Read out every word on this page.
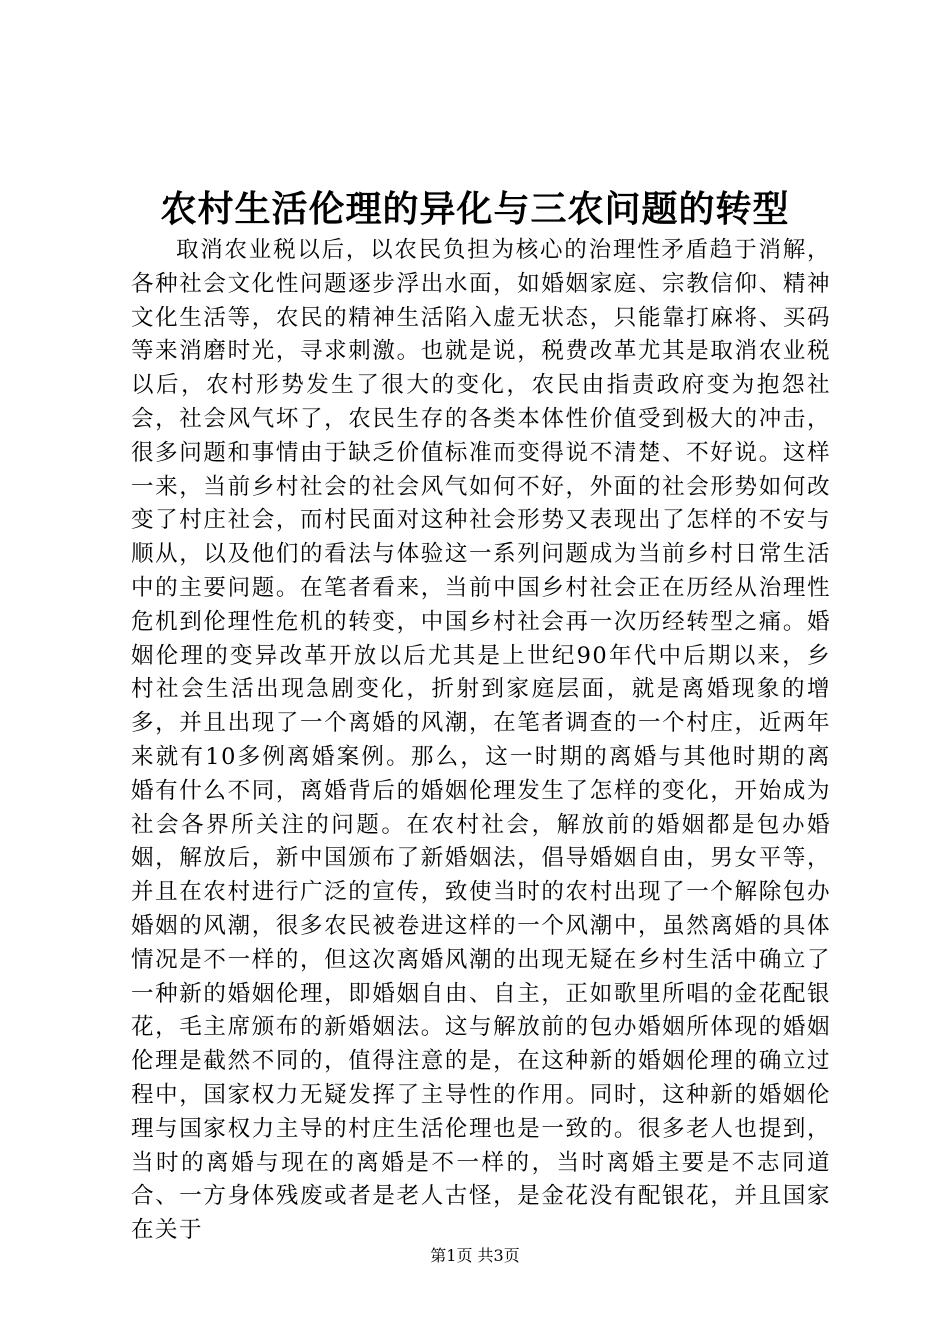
农村生活伦理的异化与三农问题的转型

取消农业税以后，以农民负担为核心的治理性矛盾趋于消解，各种社会文化性问题逐步浮出水面，如婚姻家庭、宗教信仰、精神文化生活等，农民的精神生活陷入虚无状态，只能靠打麻将、买码等来消磨时光，寻求刺激。也就是说，税费改革尤其是取消农业税以后，农村形势发生了很大的变化，农民由指责政府变为抱怨社会，社会风气坏了，农民生存的各类本体性价值受到极大的冲击，很多问题和事情由于缺乏价值标准而变得说不清楚、不好说。这样一来，当前乡村社会的社会风气如何不好，外面的社会形势如何改变了村庄社会，而村民面对这种社会形势又表现出了怎样的不安与顺从，以及他们的看法与体验这一系列问题成为当前乡村日常生活中的主要问题。在笔者看来，当前中国乡村社会正在历经从治理性危机到伦理性危机的转变，中国乡村社会再一次历经转型之痛。婚姻伦理的变异改革开放以后尤其是上世纪90年代中后期以来，乡村社会生活出现急剧变化，折射到家庭层面，就是离婚现象的增多，并且出现了一个离婚的风潮，在笔者调查的一个村庄，近两年来就有10多例离婚案例。那么，这一时期的离婚与其他时期的离婚有什么不同，离婚背后的婚姻伦理发生了怎样的变化，开始成为社会各界所关注的问题。在农村社会，解放前的婚姻都是包办婚姻，解放后，新中国颁布了新婚姻法，倡导婚姻自由，男女平等，并且在农村进行广泛的宣传，致使当时的农村出现了一个解除包办婚姻的风潮，很多农民被卷进这样的一个风潮中，虽然离婚的具体情况是不一样的，但这次离婚风潮的出现无疑在乡村生活中确立了一种新的婚姻伦理，即婚姻自由、自主，正如歌里所唱的金花配银花，毛主席颁布的新婚姻法。这与解放前的包办婚姻所体现的婚姻伦理是截然不同的，值得注意的是，在这种新的婚姻伦理的确立过程中，国家权力无疑发挥了主导性的作用。同时，这种新的婚姻伦理与国家权力主导的村庄生活伦理也是一致的。很多老人也提到，当时的离婚与现在的离婚是不一样的，当时离婚主要是不志同道合、一方身体残废或者是老人古怪，是金花没有配银花，并且国家在关于

第1页 共3页
